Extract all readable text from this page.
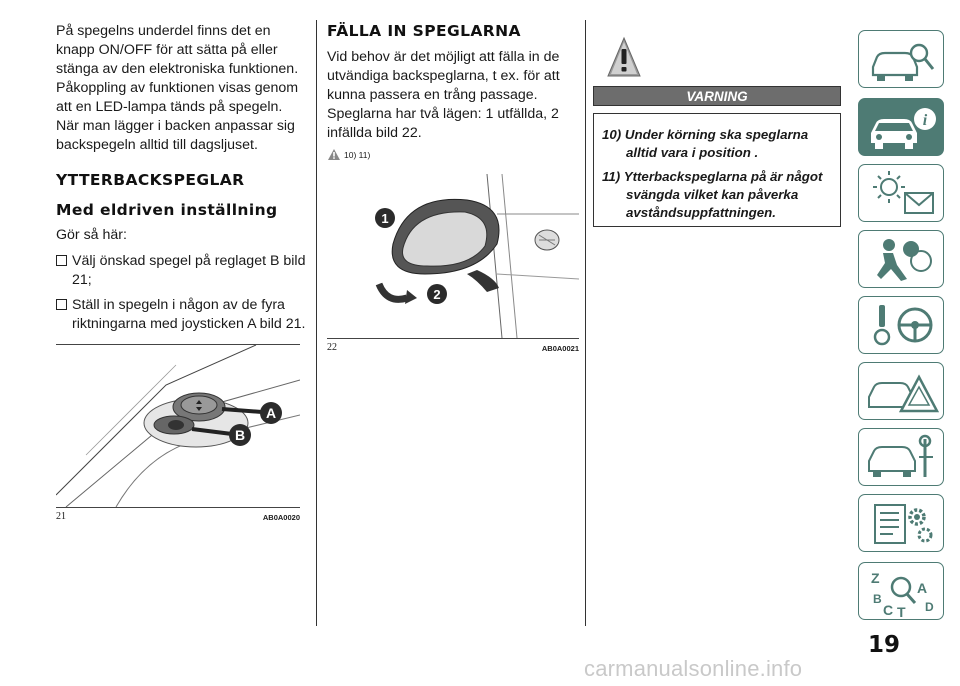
På spegelns underdel finns det en knapp ON/OFF för att sätta på eller stänga av den elektroniska funktionen. Påkoppling av funktionen visas genom att en LED-lampa tänds på spegeln. När man lägger i backen anpassar sig backspegeln alltid till dagsljuset.

YTTERBACKSPEGLAR
Med eldriven inställning

Gör så här:

Välj önskad spegel på reglaget B bild 21;
Ställ in spegeln i någon av de fyra riktningarna med joysticken A bild 21.
A
B
21	AB0A0020
FÄLLA IN SPEGLARNA

Vid behov är det möjligt att fälla in de utvändiga backspeglarna, t ex. för att kunna passera en trång passage. Speglarna har två lägen: 1 utfällda, 2 infällda bild 22.

10) 11)
1
2
22	AB0A0021
VARNING
10) Under körning ska speglarna alltid vara i position .
11) Ytterbackspeglarna på är något svängda vilket kan påverka avståndsuppfattningen.
i
Z
B
A
C T D
19
carmanualsonline.info
